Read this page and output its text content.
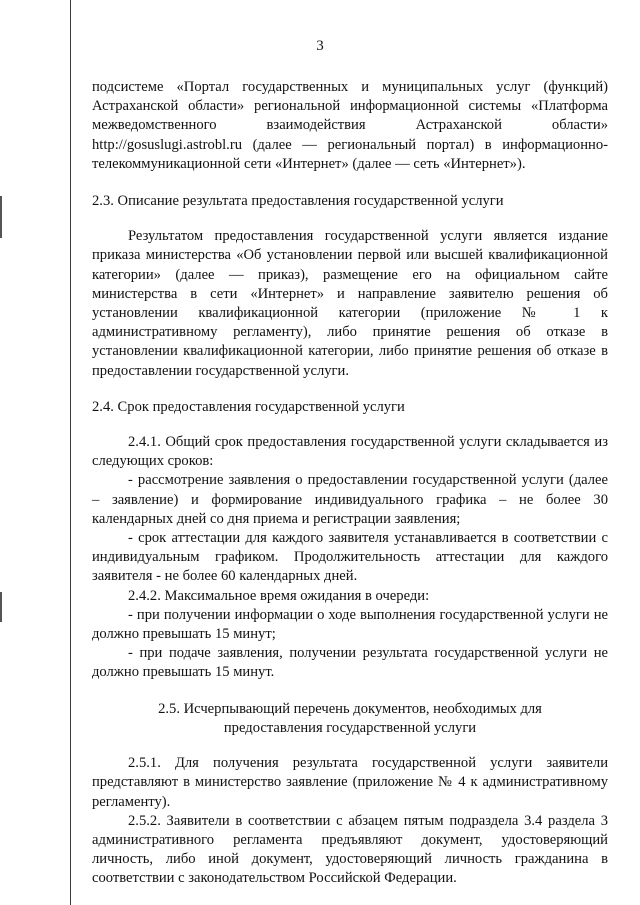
3

подсистеме «Портал государственных и муниципальных услуг (функций) Астраханской области» региональной информационной системы «Платформа межведомственного взаимодействия Астраханской области» http://gosuslugi.astrobl.ru (далее — региональный портал) в информационно-телекоммуникационной сети «Интернет» (далее — сеть «Интернет»).

2.3. Описание результата предоставления государственной услуги

Результатом предоставления государственной услуги является издание приказа министерства «Об установлении первой или высшей квалификационной категории» (далее — приказ), размещение его на официальном сайте министерства в сети «Интернет» и направление заявителю решения об установлении квалификационной категории (приложение № 1 к административному регламенту), либо принятие решения об отказе в установлении квалификационной категории, либо принятие решения об отказе в предоставлении государственной услуги.

2.4. Срок предоставления государственной услуги

2.4.1. Общий срок предоставления государственной услуги складывается из следующих сроков:

- рассмотрение заявления о предоставлении государственной услуги (далее – заявление) и формирование индивидуального графика – не более 30 календарных дней со дня приема и регистрации заявления;

- срок аттестации для каждого заявителя устанавливается в соответствии с индивидуальным графиком. Продолжительность аттестации для каждого заявителя - не более 60 календарных дней.

2.4.2. Максимальное время ожидания в очереди:

- при получении информации о ходе выполнения государственной услуги не должно превышать 15 минут;

- при подаче заявления, получении результата государственной услуги не должно превышать 15 минут.

2.5. Исчерпывающий перечень документов, необходимых для
предоставления государственной услуги

2.5.1. Для получения результата государственной услуги заявители представляют в министерство заявление (приложение № 4 к административному регламенту).

2.5.2. Заявители в соответствии с абзацем пятым подраздела 3.4 раздела 3 административного регламента предъявляют документ, удостоверяющий личность, либо иной документ, удостоверяющий личность гражданина в соответствии с законодательством Российской Федерации.
